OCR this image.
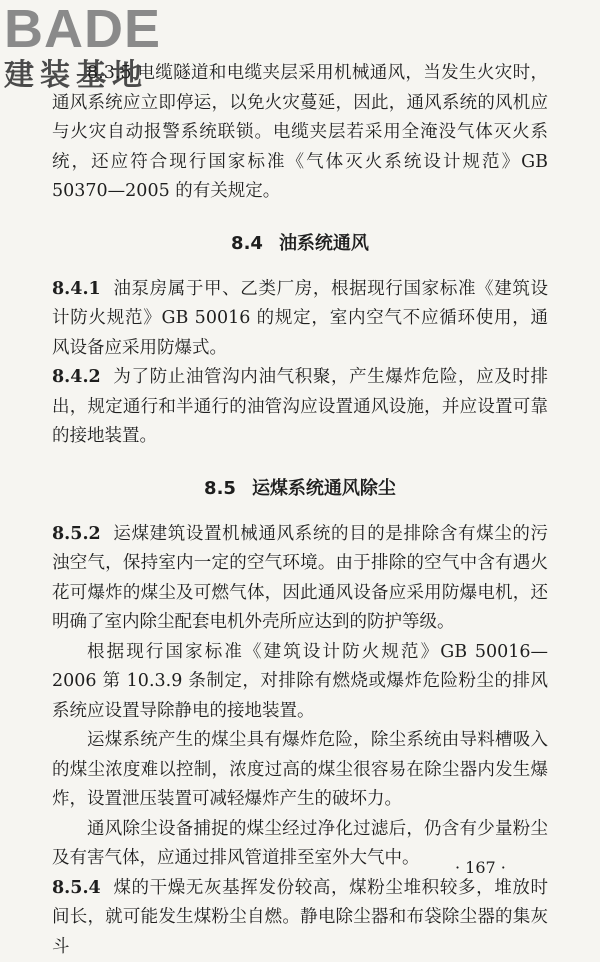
BADE
建装基地

8.3.5 电缆隧道和电缆夹层采用机械通风，当发生火灾时，通风系统应立即停运，以免火灾蔓延，因此，通风系统的风机应与火灾自动报警系统联锁。电缆夹层若采用全淹没气体灭火系统，还应符合现行国家标准《气体灭火系统设计规范》GB 50370—2005 的有关规定。

8.4 油系统通风

8.4.1 油泵房属于甲、乙类厂房，根据现行国家标准《建筑设计防火规范》GB 50016 的规定，室内空气不应循环使用，通风设备应采用防爆式。

8.4.2 为了防止油管沟内油气积聚，产生爆炸危险，应及时排出，规定通行和半通行的油管沟应设置通风设施，并应设置可靠的接地装置。

8.5 运煤系统通风除尘

8.5.2 运煤建筑设置机械通风系统的目的是排除含有煤尘的污浊空气，保持室内一定的空气环境。由于排除的空气中含有遇火花可爆炸的煤尘及可燃气体，因此通风设备应采用防爆电机，还明确了室内除尘配套电机外壳所应达到的防护等级。

根据现行国家标准《建筑设计防火规范》GB 50016—2006 第 10.3.9 条制定，对排除有燃烧或爆炸危险粉尘的排风系统应设置导除静电的接地装置。

运煤系统产生的煤尘具有爆炸危险，除尘系统由导料槽吸入的煤尘浓度难以控制，浓度过高的煤尘很容易在除尘器内发生爆炸，设置泄压装置可减轻爆炸产生的破坏力。

通风除尘设备捕捉的煤尘经过净化过滤后，仍含有少量粉尘及有害气体，应通过排风管道排至室外大气中。

8.5.4 煤的干燥无灰基挥发份较高，煤粉尘堆积较多，堆放时间长，就可能发生煤粉尘自燃。静电除尘器和布袋除尘器的集灰斗

· 167 ·
